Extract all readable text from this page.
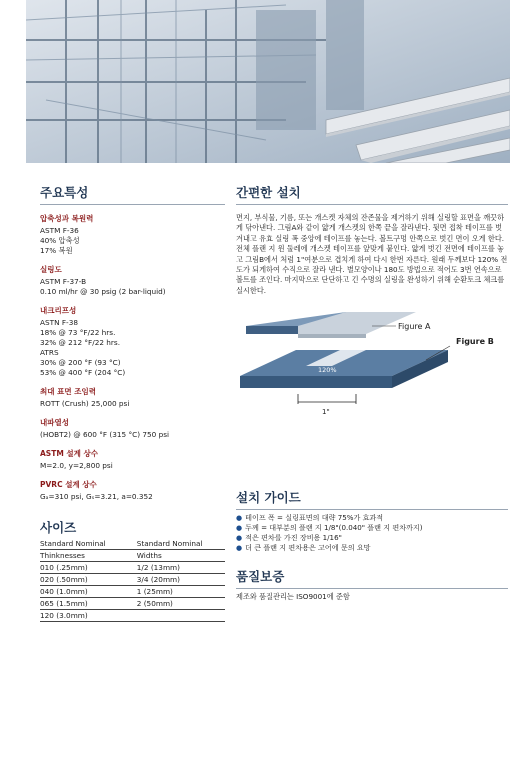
주요특성
압축성과 복원력
ASTM F-36
40% 압축성
17% 복원
실링도
ASTM F-37-B
0.10 ml/hr @ 30 psig (2 bar-liquid)
내크리프성
ASTN F-38
18% @ 73 °F/22 hrs.
32% @ 212 °F/22 hrs.
ATRS
30% @ 200 °F (93 °C)
53% @ 400 °F (204 °C)
최대 표면 조임력
ROTT (Crush) 25,000 psi
내파열성
(HOBT2) @ 600 °F (315 °C) 750 psi
ASTM 설계 상수
M=2.0, y=2,800 psi
PVRC 설계 상수
Gₐ=310 psi, Gₛ=3.21, a=0.352
사이즈
Standard Nominal	Standard Nominal
Thinknesses	Widths
010 (.25mm)	1/2 (13mm)
020 (.50mm)	3/4 (20mm)
040 (1.0mm)	1 (25mm)
065 (1.5mm)	2 (50mm)
120 (3.0mm)	
간편한 설치

면지, 부식물, 기름, 또는 개스켓 자체의 잔존물을 제거하기 위해 실링할 표면을 깨끗하게 닦아낸다. 그림A와 같이 얇게 개스켓의 한쪽 끝을 잘라낸다. 뒷면 접착 테이프를 벗겨내고 유효 실링 폭 중앙에 테이프를 놓는다. 볼트구멍 안쪽으로 벗긴 면이 오게 한다. 전체 플랜 지 윈 둘레에 개스켓 테이프를 앞맞게 붙인다. 얇게 벗긴 전면에 테이프를 놓고 그림B에서 처럼 1"여분으로 겹치게 하여 다시 한번 자른다. 원래 두께보다 120% 전도가 되게하여 수직으로 잘라 낸다. 별모양이나 180도 방법으로 적어도 3번 연속으로 볼트를 조인다. 마지막으로 단단하고 긴 수명의 실링을 완성하기 위해 순환토크 체크를 실시한다.

Figure A
Figure B
120%
1"
설치 가이드
● 테이프 폭 = 실링표면의 대략 75%가 효과적
● 두께 = 대부분의 플랜 지 1/8"(0.040" 플랜 지 편차까지)
● 적은 편차를 가진 장비용 1/16"
● 더 큰 플랜 지 편차용은 고어에 문의 요망
품질보증

제조와 품질관리는 ISO9001에 준함
